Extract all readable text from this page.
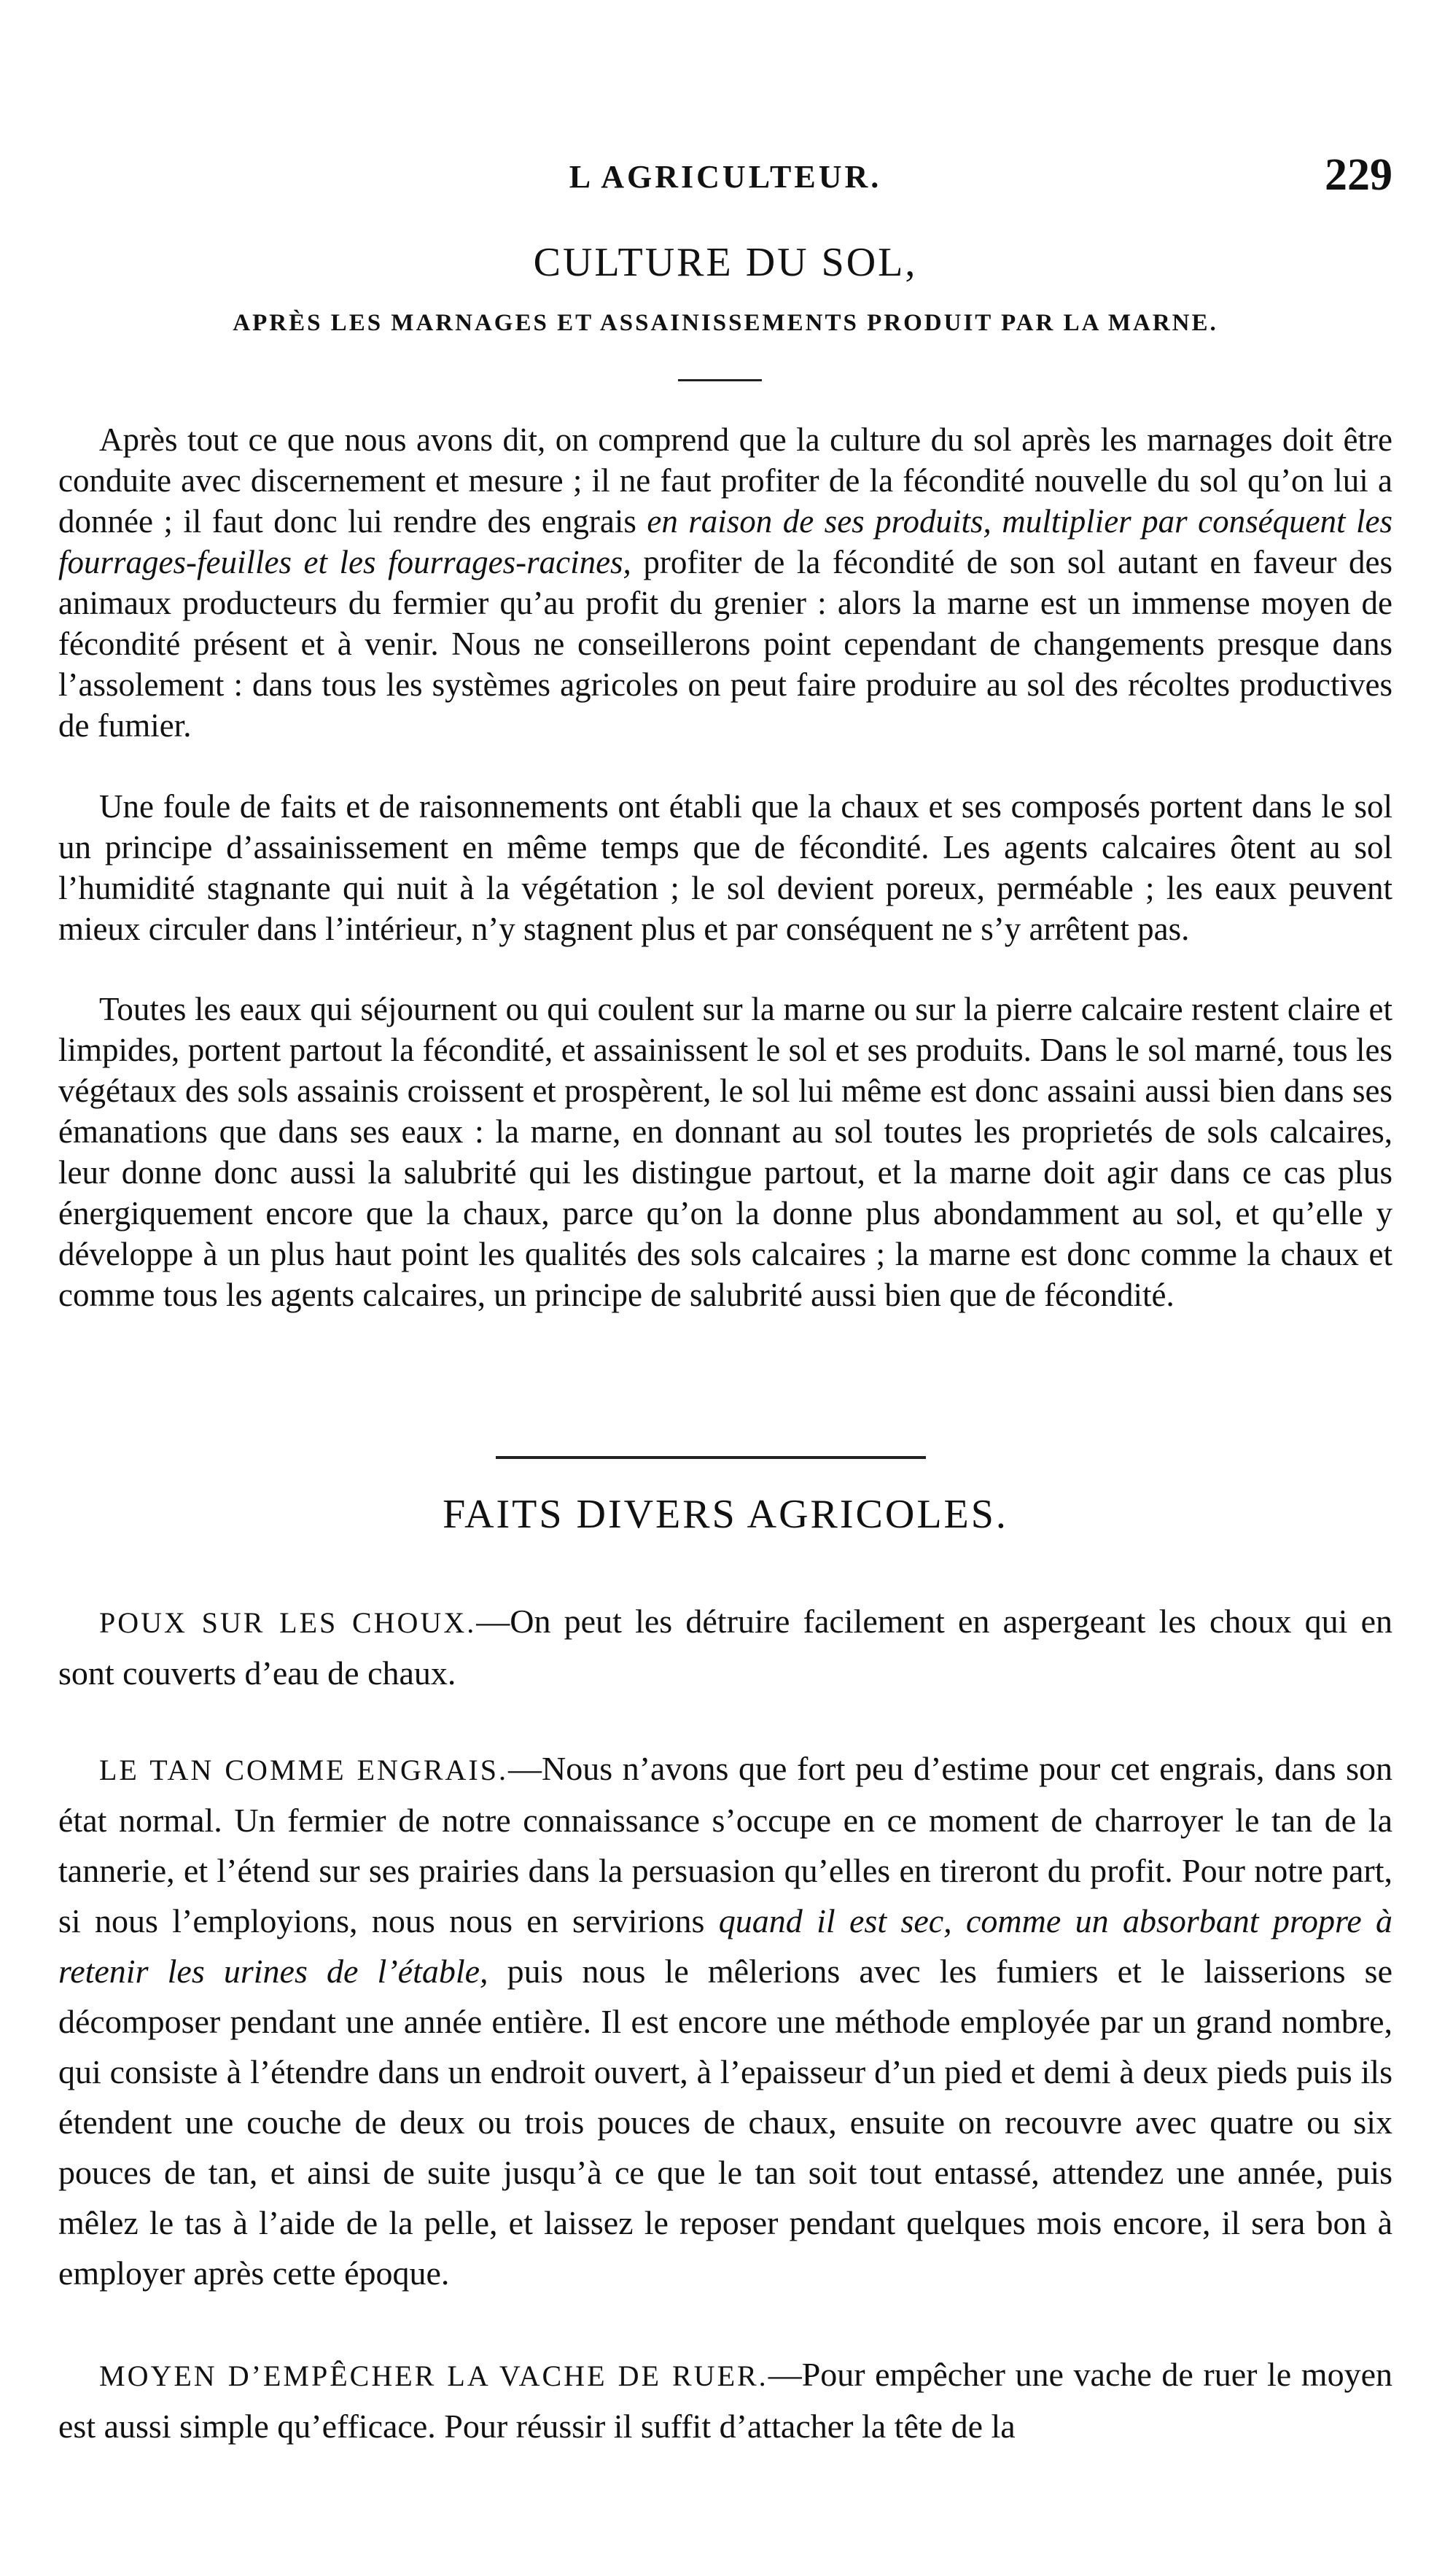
L AGRICULTEUR.	229
CULTURE DU SOL,
APRÈS LES MARNAGES ET ASSAINISSEMENTS PRODUIT PAR LA MARNE.

Après tout ce que nous avons dit, on comprend que la culture du sol après les marnages doit être conduite avec discernement et mesure ; il ne faut profiter de la fécondité nouvelle du sol qu’on lui a donnée ; il faut donc lui rendre des engrais en raison de ses produits, multiplier par conséquent les fourrages-feuilles et les fourrages-racines, profiter de la fécondité de son sol autant en faveur des animaux producteurs du fermier qu’au profit du grenier : alors la marne est un immense moyen de fécondité présent et à venir. Nous ne conseillerons point cependant de changements presque dans l’assolement : dans tous les systèmes agricoles on peut faire produire au sol des récoltes productives de fumier.

Une foule de faits et de raisonnements ont établi que la chaux et ses composés portent dans le sol un principe d’assainissement en même temps que de fécondité. Les agents calcaires ôtent au sol l’humidité stagnante qui nuit à la végétation ; le sol devient poreux, perméable ; les eaux peuvent mieux circuler dans l’intérieur, n’y stagnent plus et par conséquent ne s’y arrêtent pas.

Toutes les eaux qui séjournent ou qui coulent sur la marne ou sur la pierre calcaire restent claire et limpides, portent partout la fécondité, et assainissent le sol et ses produits. Dans le sol marné, tous les végétaux des sols assainis croissent et prospèrent, le sol lui même est donc assaini aussi bien dans ses émanations que dans ses eaux : la marne, en donnant au sol toutes les proprietés de sols calcaires, leur donne donc aussi la salubrité qui les distingue partout, et la marne doit agir dans ce cas plus énergiquement encore que la chaux, parce qu’on la donne plus abondamment au sol, et qu’elle y développe à un plus haut point les qualités des sols calcaires ; la marne est donc comme la chaux et comme tous les agents calcaires, un principe de salubrité aussi bien que de fécondité.

FAITS DIVERS AGRICOLES.

POUX SUR LES CHOUX.—On peut les détruire facilement en aspergeant les choux qui en sont couverts d’eau de chaux.

LE TAN COMME ENGRAIS.—Nous n’avons que fort peu d’estime pour cet engrais, dans son état normal. Un fermier de notre connaissance s’occupe en ce moment de charroyer le tan de la tannerie, et l’étend sur ses prairies dans la persuasion qu’elles en tireront du profit. Pour notre part, si nous l’employions, nous nous en servirions quand il est sec, comme un absorbant propre à retenir les urines de l’étable, puis nous le mêlerions avec les fumiers et le laisserions se décomposer pendant une année entière. Il est encore une méthode employée par un grand nombre, qui consiste à l’étendre dans un endroit ouvert, à l’epaisseur d’un pied et demi à deux pieds puis ils étendent une couche de deux ou trois pouces de chaux, ensuite on recouvre avec quatre ou six pouces de tan, et ainsi de suite jusqu’à ce que le tan soit tout entassé, attendez une année, puis mêlez le tas à l’aide de la pelle, et laissez le reposer pendant quelques mois encore, il sera bon à employer après cette époque.

MOYEN D’EMPÊCHER LA VACHE DE RUER.—Pour empêcher une vache de ruer le moyen est aussi simple qu’efficace. Pour réussir il suffit d’attacher la tête de la
